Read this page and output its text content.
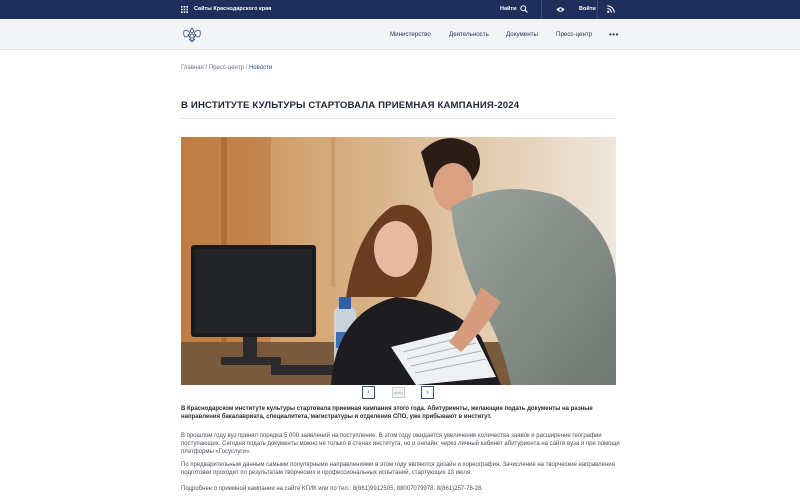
Сайты Краснодарского края	Найти	Войти
Министерство	Деятельность	Документы	Пресс-центр •••
Главная / Пресс-центр / Новости
В ИНСТИТУТЕ КУЛЬТУРЫ СТАРТОВАЛА ПРИЕМНАЯ КАМПАНИЯ-2024
‹	ФОТО	›

В Краснодарском институте культуры стартовала приемная кампания этого года. Абитуриенты, желающие подать документы на разные направления бакалавриата, специалитета, магистратуры и отделения СПО, уже прибывают в институт.

В прошлом году вуз принял порядка 5 000 заявлений на поступление. В этом году ожидается увеличение количества заявок и расширение географии поступающих. Сегодня подать документы можно не только в стенах института, но и онлайн: через личный кабинет абитуриента на сайте вуза и при помощи платформы «Госуслуги».

По предварительным данным самыми популярными направлениями в этом году являются дизайн и хореография. Зачисление на творческие направления подготовки проходит по результатам творческих и профессиональных испытаний, стартующих 13 июля.

Подробнее о приемной кампании на сайте КГИК или по тел.: 8(861)9912505, 88007079978, 8(861)257-76-28.
